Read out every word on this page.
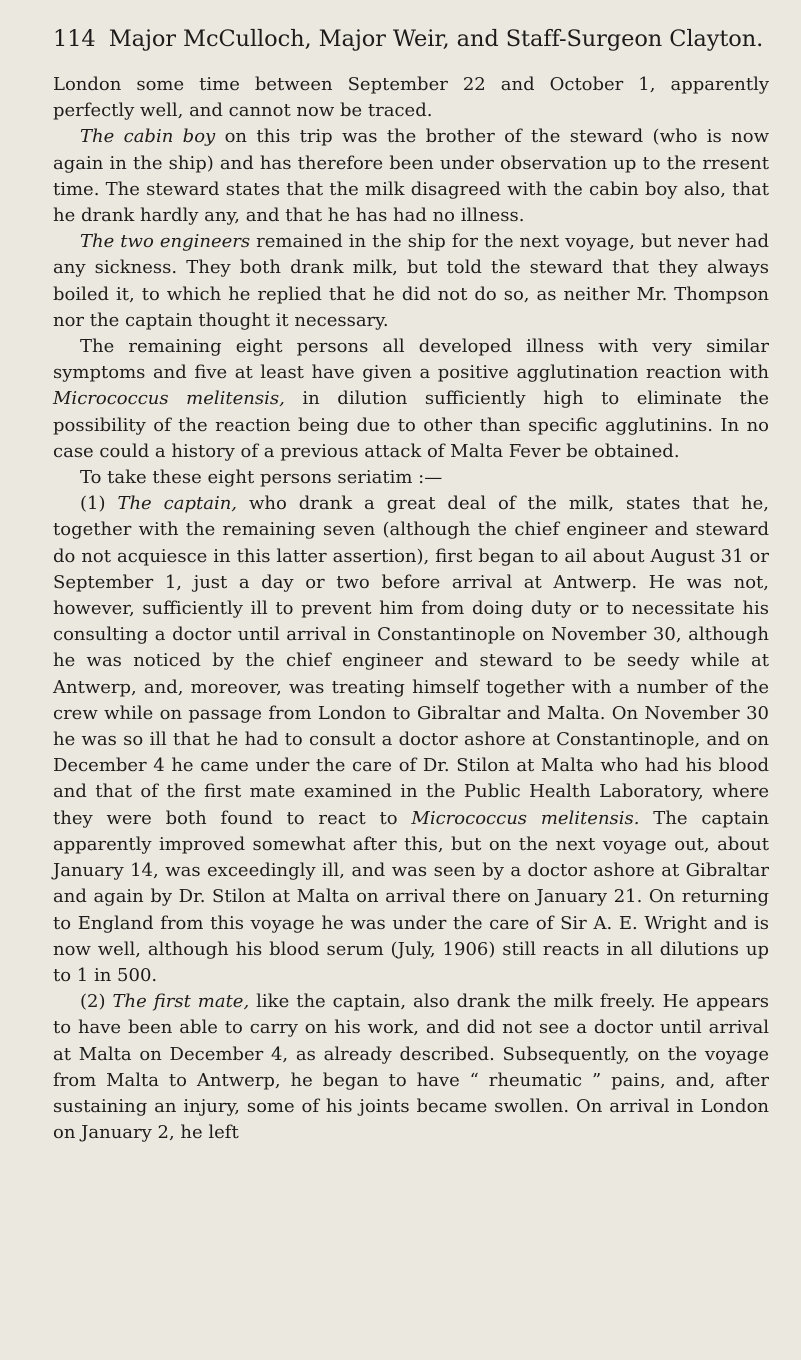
114 Major McCulloch, Major Weir, and Staff-Surgeon Clayton.

London some time between September 22 and October 1, apparently perfectly well, and cannot now be traced.

The cabin boy on this trip was the brother of the steward (who is now again in the ship) and has therefore been under observation up to the rresent time. The steward states that the milk disagreed with the cabin boy also, that he drank hardly any, and that he has had no illness.

The two engineers remained in the ship for the next voyage, but never had any sickness. They both drank milk, but told the steward that they always boiled it, to which he replied that he did not do so, as neither Mr. Thompson nor the captain thought it necessary.

The remaining eight persons all developed illness with very similar symptoms and five at least have given a positive agglutination reaction with Micrococcus melitensis, in dilution sufficiently high to eliminate the possibility of the reaction being due to other than specific agglutinins. In no case could a history of a previous attack of Malta Fever be obtained.

To take these eight persons seriatim :—

(1) The captain, who drank a great deal of the milk, states that he, together with the remaining seven (although the chief engineer and steward do not acquiesce in this latter assertion), first began to ail about August 31 or September 1, just a day or two before arrival at Antwerp. He was not, however, sufficiently ill to prevent him from doing duty or to necessitate his consulting a doctor until arrival in Constantinople on November 30, although he was noticed by the chief engineer and steward to be seedy while at Antwerp, and, moreover, was treating himself together with a number of the crew while on passage from London to Gibraltar and Malta. On November 30 he was so ill that he had to consult a doctor ashore at Constantinople, and on December 4 he came under the care of Dr. Stilon at Malta who had his blood and that of the first mate examined in the Public Health Laboratory, where they were both found to react to Micrococcus melitensis. The captain apparently improved somewhat after this, but on the next voyage out, about January 14, was exceedingly ill, and was seen by a doctor ashore at Gibraltar and again by Dr. Stilon at Malta on arrival there on January 21. On returning to England from this voyage he was under the care of Sir A. E. Wright and is now well, although his blood serum (July, 1906) still reacts in all dilutions up to 1 in 500.

(2) The first mate, like the captain, also drank the milk freely. He appears to have been able to carry on his work, and did not see a doctor until arrival at Malta on December 4, as already described. Subsequently, on the voyage from Malta to Antwerp, he began to have “ rheumatic ” pains, and, after sustaining an injury, some of his joints became swollen. On arrival in London on January 2, he left
